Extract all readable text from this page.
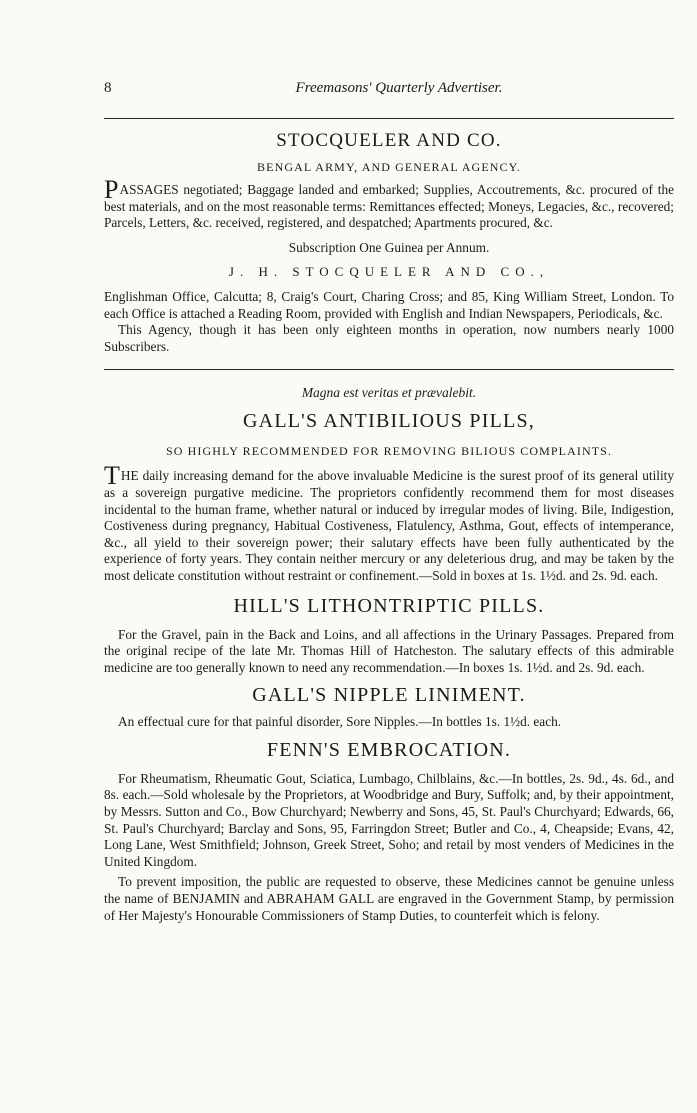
8	Freemasons' Quarterly Advertiser.
STOCQUELER AND CO.
BENGAL ARMY, AND GENERAL AGENCY.

PASSAGES negotiated; Baggage landed and embarked; Supplies, Accoutrements, &c. procured of the best materials, and on the most reasonable terms: Remittances effected; Moneys, Legacies, &c., recovered; Parcels, Letters, &c. received, registered, and despatched; Apartments procured, &c.

Subscription One Guinea per Annum.

J. H. STOCQUELER AND CO.,

Englishman Office, Calcutta; 8, Craig's Court, Charing Cross; and 85, King William Street, London. To each Office is attached a Reading Room, provided with English and Indian Newspapers, Periodicals, &c.

This Agency, though it has been only eighteen months in operation, now numbers nearly 1000 Subscribers.

Magna est veritas et prævalebit.
GALL'S ANTIBILIOUS PILLS,
SO HIGHLY RECOMMENDED FOR REMOVING BILIOUS COMPLAINTS.

THE daily increasing demand for the above invaluable Medicine is the surest proof of its general utility as a sovereign purgative medicine. The proprietors confidently recommend them for most diseases incidental to the human frame, whether natural or induced by irregular modes of living. Bile, Indigestion, Costiveness during pregnancy, Habitual Costiveness, Flatulency, Asthma, Gout, effects of intemperance, &c., all yield to their sovereign power; their salutary effects have been fully authenticated by the experience of forty years. They contain neither mercury or any deleterious drug, and may be taken by the most delicate constitution without restraint or confinement.—Sold in boxes at 1s. 1½d. and 2s. 9d. each.

HILL'S LITHONTRIPTIC PILLS.

For the Gravel, pain in the Back and Loins, and all affections in the Urinary Passages. Prepared from the original recipe of the late Mr. Thomas Hill of Hatcheston. The salutary effects of this admirable medicine are too generally known to need any recommendation.—In boxes 1s. 1½d. and 2s. 9d. each.

GALL'S NIPPLE LINIMENT.

An effectual cure for that painful disorder, Sore Nipples.—In bottles 1s. 1½d. each.

FENN'S EMBROCATION.

For Rheumatism, Rheumatic Gout, Sciatica, Lumbago, Chilblains, &c.—In bottles, 2s. 9d., 4s. 6d., and 8s. each.—Sold wholesale by the Proprietors, at Woodbridge and Bury, Suffolk; and, by their appointment, by Messrs. Sutton and Co., Bow Churchyard; Newberry and Sons, 45, St. Paul's Churchyard; Edwards, 66, St. Paul's Churchyard; Barclay and Sons, 95, Farringdon Street; Butler and Co., 4, Cheapside; Evans, 42, Long Lane, West Smithfield; Johnson, Greek Street, Soho; and retail by most venders of Medicines in the United Kingdom.

To prevent imposition, the public are requested to observe, these Medicines cannot be genuine unless the name of BENJAMIN and ABRAHAM GALL are engraved in the Government Stamp, by permission of Her Majesty's Honourable Commissioners of Stamp Duties, to counterfeit which is felony.
